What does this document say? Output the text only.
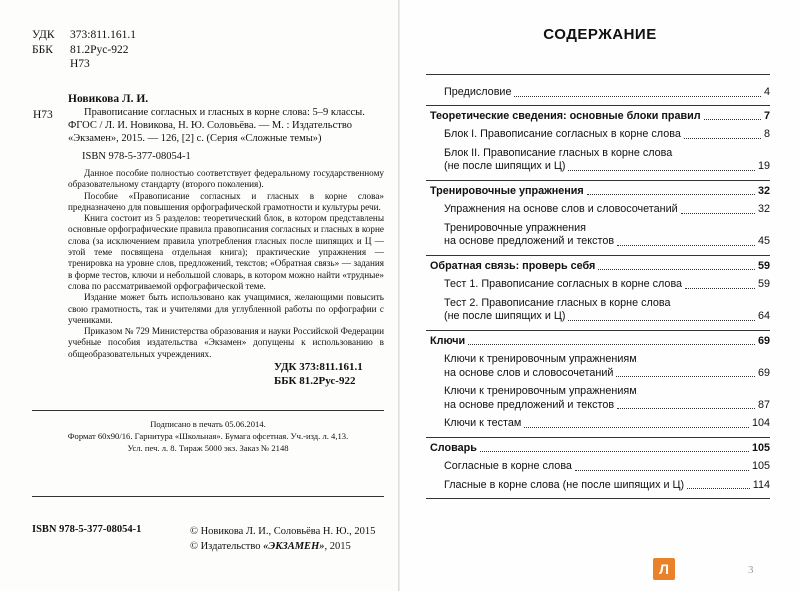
УДК	373:811.161.1
ББК	81.2Рус-922
Н73
Новикова Л. И.
Н73	Правописание согласных и гласных в корне слова: 5–9 классы. ФГОС / Л. И. Новикова, Н. Ю. Соловьёва. — М. : Издательство «Экзамен», 2015. — 126, [2] с. (Серия «Сложные темы»)

ISBN 978-5-377-08054-1

Данное пособие полностью соответствует федеральному государственному образовательному стандарту (второго поколения).

Пособие «Правописание согласных и гласных в корне слова» предназначено для повышения орфографической грамотности и культуры речи.

Книга состоит из 5 разделов: теоретический блок, в котором представлены основные орфографические правила правописания согласных и гласных в корне слова (за исключением правила употребления гласных после шипящих и Ц — этой теме посвящена отдельная книга); практические упражнения — тренировка на уровне слов, предложений, текстов; «Обратная связь» — задания в форме тестов, ключи и небольшой словарь, в котором можно найти «трудные» слова по рассматриваемой орфографической теме.

Издание может быть использовано как учащимися, желающими повысить свою грамотность, так и учителями для углубленной работы по орфографии с учениками.

Приказом № 729 Министерства образования и науки Российской Федерации учебные пособия издательства «Экзамен» допущены к использованию в общеобразовательных учреждениях.

УДК 373:811.161.1
ББК 81.2Рус-922
Подписано в печать 05.06.2014.
Формат 60х90/16. Гарнитура «Школьная». Бумага офсетная. Уч.-изд. л. 4,13.
Усл. печ. л. 8. Тираж 5000 экз. Заказ № 2148
ISBN 978-5-377-08054-1	© Новикова Л. И., Соловьёва Н. Ю., 2015
© Издательство «ЭКЗАМЕН», 2015
СОДЕРЖАНИЕ
Предисловие	4
Теоретические сведения: основные блоки правил	7
Блок I. Правописание согласных в корне слова	8
Блок II. Правописание гласных в корне слова
(не после шипящих и Ц)	19
Тренировочные упражнения	32
Упражнения на основе слов и словосочетаний	32
Тренировочные упражнения
на основе предложений и текстов	45
Обратная связь: проверь себя	59
Тест 1. Правописание согласных в корне слова	59
Тест 2. Правописание гласных в корне слова
(не после шипящих и Ц)	64
Ключи	69
Ключи к тренировочным упражнениям
на основе слов и словосочетаний	69
Ключи к тренировочным упражнениям
на основе предложений и текстов	87
Ключи к тестам	104
Словарь	105
Согласные в корне слова	105
Гласные в корне слова (не после шипящих и Ц)	114
Л	3
